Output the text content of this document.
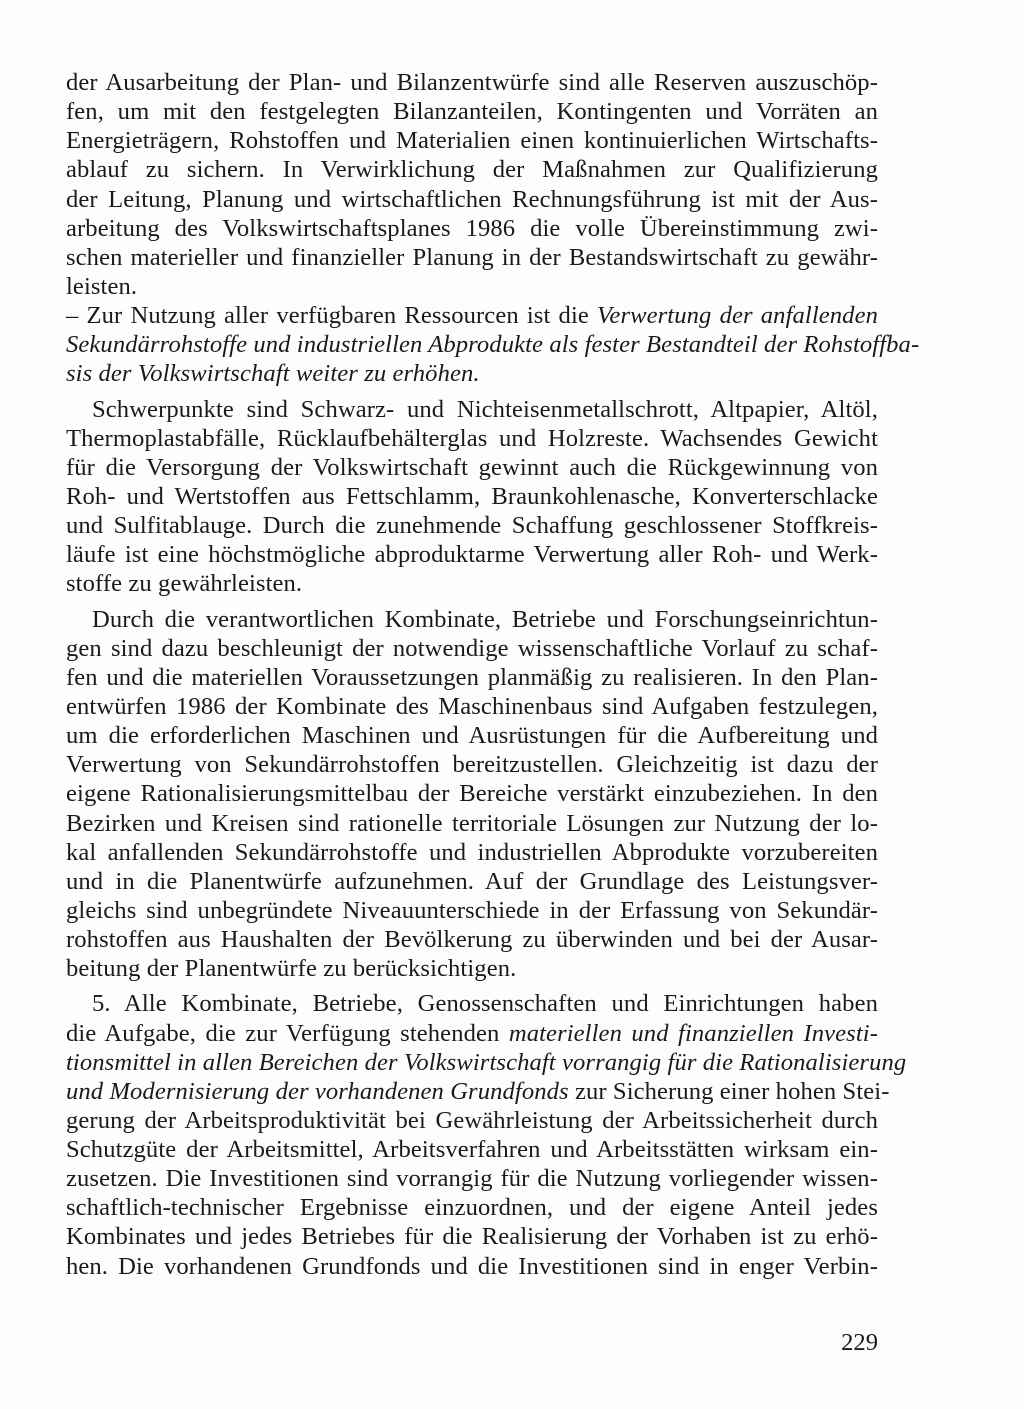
der Ausarbeitung der Plan- und Bilanzentwürfe sind alle Reserven auszuschöp-
fen, um mit den festgelegten Bilanzanteilen, Kontingenten und Vorräten an
Energieträgern, Rohstoffen und Materialien einen kontinuierlichen Wirtschafts-
ablauf zu sichern. In Verwirklichung der Maßnahmen zur Qualifizierung
der Leitung, Planung und wirtschaftlichen Rechnungsführung ist mit der Aus-
arbeitung des Volkswirtschaftsplanes 1986 die volle Übereinstimmung zwi-
schen materieller und finanzieller Planung in der Bestandswirtschaft zu gewähr-
leisten.
– Zur Nutzung aller verfügbaren Ressourcen ist die Verwertung der anfallenden
Sekundärrohstoffe und industriellen Abprodukte als fester Bestandteil der Rohstoffba-
sis der Volkswirtschaft weiter zu erhöhen.
Schwerpunkte sind Schwarz- und Nichteisenmetallschrott, Altpapier, Altöl,
Thermoplastabfälle, Rücklaufbehälterglas und Holzreste. Wachsendes Gewicht
für die Versorgung der Volkswirtschaft gewinnt auch die Rückgewinnung von
Roh- und Wertstoffen aus Fettschlamm, Braunkohlenasche, Konverterschlacke
und Sulfitablauge. Durch die zunehmende Schaffung geschlossener Stoffkreis-
läufe ist eine höchstmögliche abproduktarme Verwertung aller Roh- und Werk-
stoffe zu gewährleisten.
Durch die verantwortlichen Kombinate, Betriebe und Forschungseinrichtun-
gen sind dazu beschleunigt der notwendige wissenschaftliche Vorlauf zu schaf-
fen und die materiellen Voraussetzungen planmäßig zu realisieren. In den Plan-
entwürfen 1986 der Kombinate des Maschinenbaus sind Aufgaben festzulegen,
um die erforderlichen Maschinen und Ausrüstungen für die Aufbereitung und
Verwertung von Sekundärrohstoffen bereitzustellen. Gleichzeitig ist dazu der
eigene Rationalisierungsmittelbau der Bereiche verstärkt einzubeziehen. In den
Bezirken und Kreisen sind rationelle territoriale Lösungen zur Nutzung der lo-
kal anfallenden Sekundärrohstoffe und industriellen Abprodukte vorzubereiten
und in die Planentwürfe aufzunehmen. Auf der Grundlage des Leistungsver-
gleichs sind unbegründete Niveauunterschiede in der Erfassung von Sekundär-
rohstoffen aus Haushalten der Bevölkerung zu überwinden und bei der Ausar-
beitung der Planentwürfe zu berücksichtigen.
5. Alle Kombinate, Betriebe, Genossenschaften und Einrichtungen haben
die Aufgabe, die zur Verfügung stehenden materiellen und finanziellen Investi-
tionsmittel in allen Bereichen der Volkswirtschaft vorrangig für die Rationalisierung
und Modernisierung der vorhandenen Grundfonds zur Sicherung einer hohen Stei-
gerung der Arbeitsproduktivität bei Gewährleistung der Arbeitssicherheit durch
Schutzgüte der Arbeitsmittel, Arbeitsverfahren und Arbeitsstätten wirksam ein-
zusetzen. Die Investitionen sind vorrangig für die Nutzung vorliegender wissen-
schaftlich-technischer Ergebnisse einzuordnen, und der eigene Anteil jedes
Kombinates und jedes Betriebes für die Realisierung der Vorhaben ist zu erhö-
hen. Die vorhandenen Grundfonds und die Investitionen sind in enger Verbin-
229
